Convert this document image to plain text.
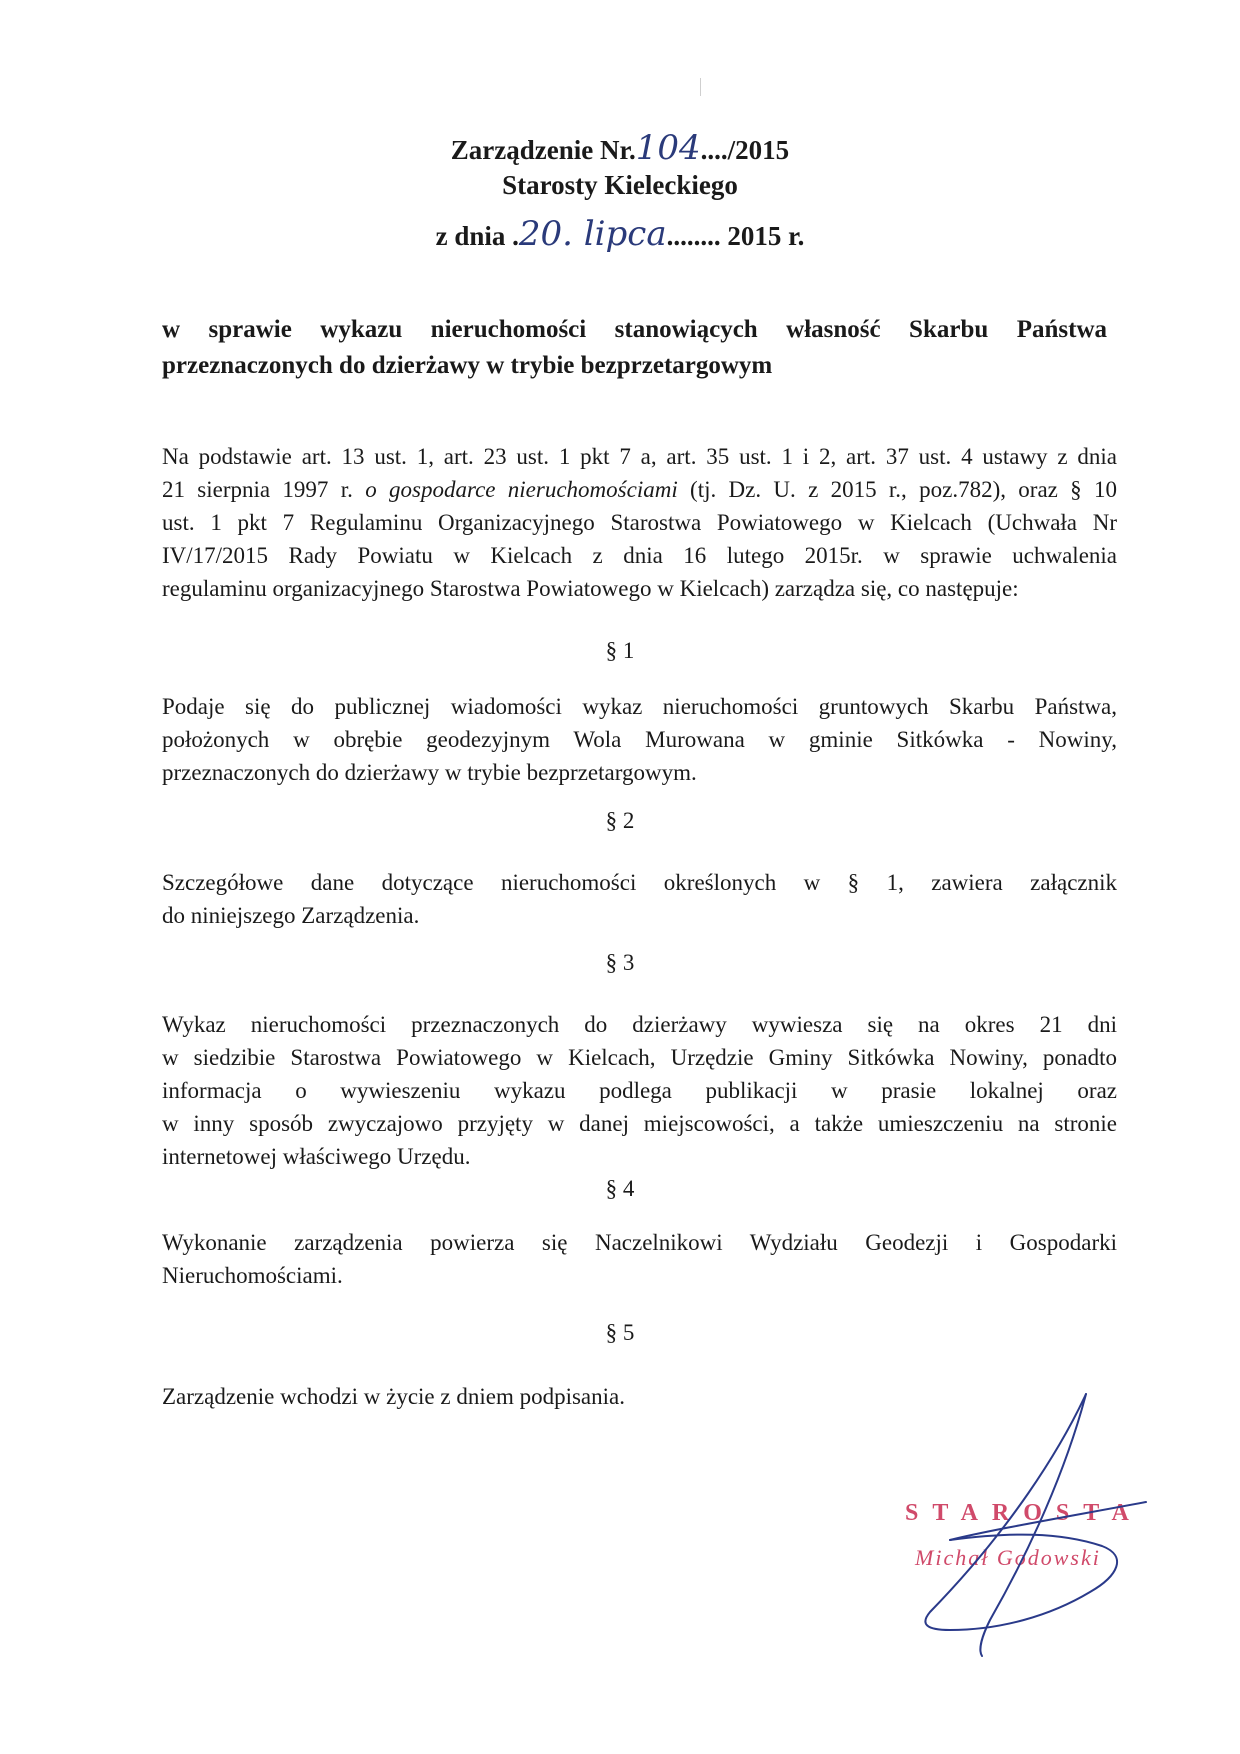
Zarządzenie Nr.104..../2015
Starosty Kieleckiego
z dnia .20. lipca........ 2015 r.
w sprawie wykazu nieruchomości stanowiących własność Skarbu Państwa
przeznaczonych do dzierżawy w trybie bezprzetargowym
Na podstawie art. 13 ust. 1, art. 23 ust. 1 pkt 7 a, art. 35 ust. 1 i 2, art. 37 ust. 4 ustawy z dnia
21 sierpnia 1997 r. o gospodarce nieruchomościami (tj. Dz. U. z 2015 r., poz.782), oraz § 10
ust. 1 pkt 7 Regulaminu Organizacyjnego Starostwa Powiatowego w Kielcach (Uchwała Nr
IV/17/2015 Rady Powiatu w Kielcach z dnia 16 lutego 2015r. w sprawie uchwalenia
regulaminu organizacyjnego Starostwa Powiatowego w Kielcach) zarządza się, co następuje:
§ 1
Podaje się do publicznej wiadomości wykaz nieruchomości gruntowych Skarbu Państwa,
położonych w obrębie geodezyjnym Wola Murowana w gminie Sitkówka - Nowiny,
przeznaczonych do dzierżawy w trybie bezprzetargowym.
§ 2
Szczegółowe dane dotyczące nieruchomości określonych w § 1, zawiera załącznik
do niniejszego Zarządzenia.
§ 3
Wykaz nieruchomości przeznaczonych do dzierżawy wywiesza się na okres 21 dni
w siedzibie Starostwa Powiatowego w Kielcach, Urzędzie Gminy Sitkówka Nowiny, ponadto
informacja o wywieszeniu wykazu podlega publikacji w prasie lokalnej oraz
w inny sposób zwyczajowo przyjęty w danej miejscowości, a także umieszczeniu na stronie
internetowej właściwego Urzędu.
§ 4
Wykonanie zarządzenia powierza się Naczelnikowi Wydziału Geodezji i Gospodarki
Nieruchomościami.
§ 5
Zarządzenie wchodzi w życie z dniem podpisania.
STAROSTA
Michał Godowski
